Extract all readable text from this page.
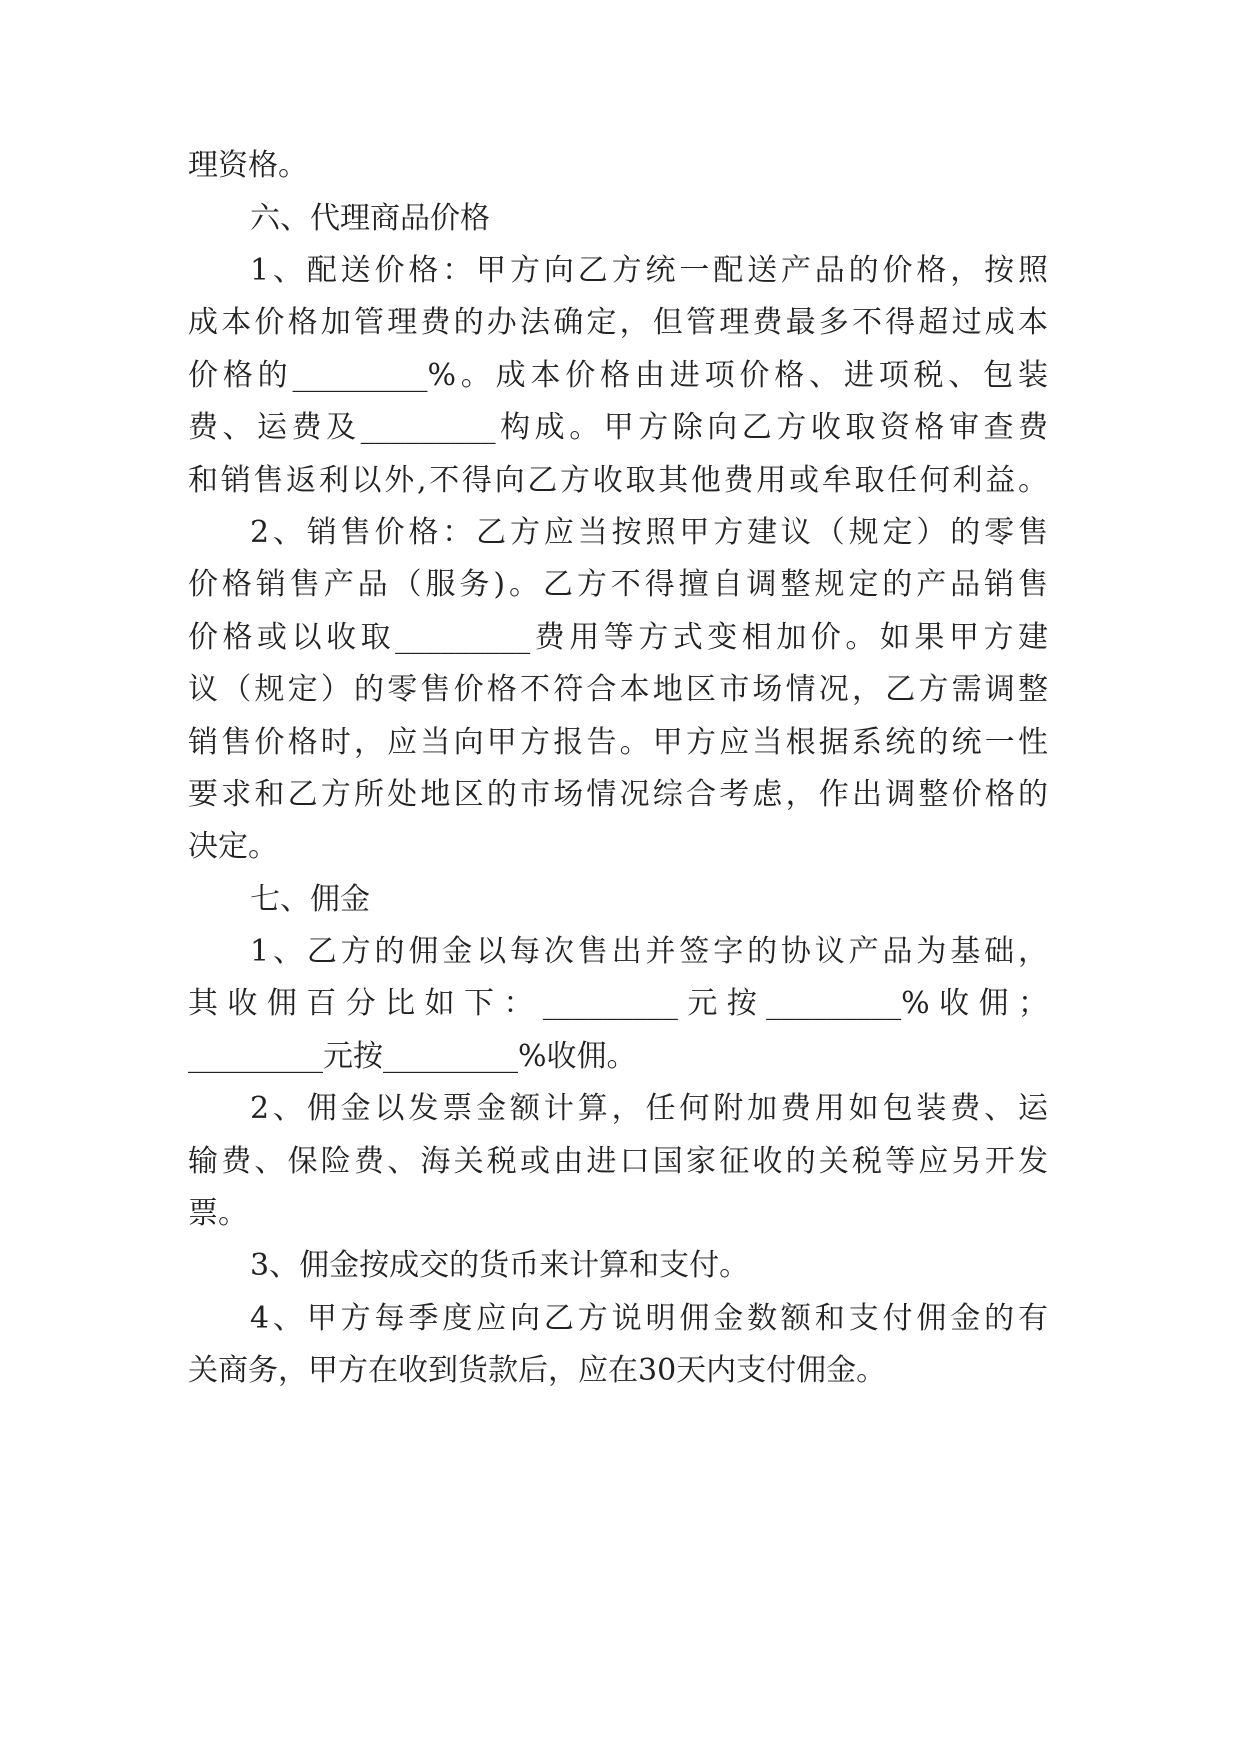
理资格。
六、代理商品价格
1、配送价格：甲方向乙方统一配送产品的价格，按照
成本价格加管理费的办法确定，但管理费最多不得超过成本
价格的_________%。成本价格由进项价格、进项税、包装
费、运费及_________构成。甲方除向乙方收取资格审查费
和销售返利以外,不得向乙方收取其他费用或牟取任何利益。
2、销售价格：乙方应当按照甲方建议（规定）的零售
价格销售产品（服务)。乙方不得擅自调整规定的产品销售
价格或以收取_________费用等方式变相加价。如果甲方建
议（规定）的零售价格不符合本地区市场情况，乙方需调整
销售价格时，应当向甲方报告。甲方应当根据系统的统一性
要求和乙方所处地区的市场情况综合考虑，作出调整价格的
决定。
七、佣金
1、乙方的佣金以每次售出并签字的协议产品为基础，
其收佣百分比如下：_________元按_________%收佣；
_________元按_________%收佣。
2、佣金以发票金额计算，任何附加费用如包装费、运
输费、保险费、海关税或由进口国家征收的关税等应另开发
票。
3、佣金按成交的货币来计算和支付。
4、甲方每季度应向乙方说明佣金数额和支付佣金的有
关商务，甲方在收到货款后，应在30天内支付佣金。
